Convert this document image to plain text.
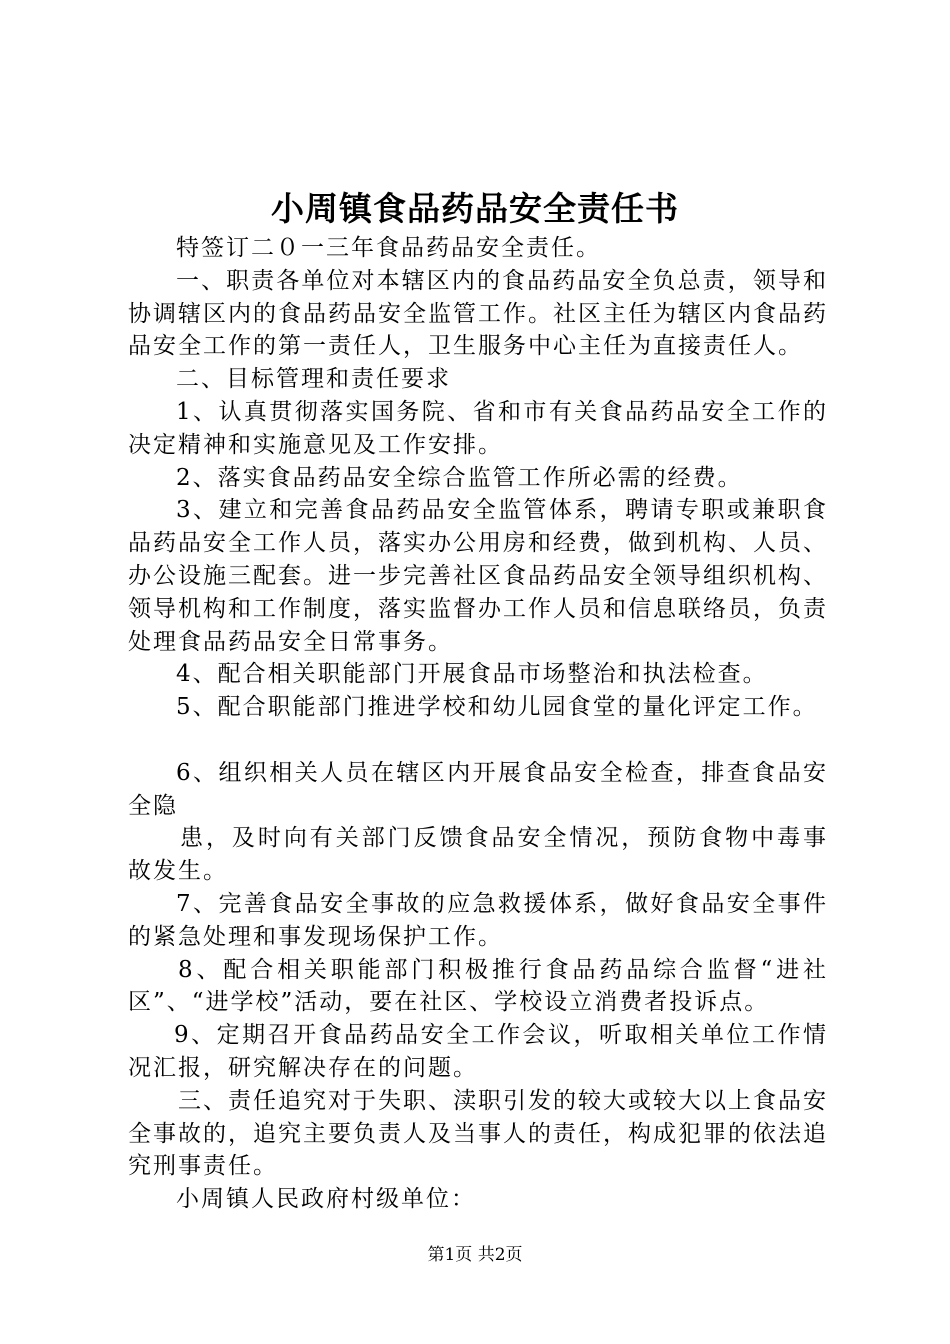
小周镇食品药品安全责任书

特签订二０一三年食品药品安全责任。

一、职责各单位对本辖区内的食品药品安全负总责，领导和协调辖区内的食品药品安全监管工作。社区主任为辖区内食品药品安全工作的第一责任人，卫生服务中心主任为直接责任人。

二、目标管理和责任要求

1、认真贯彻落实国务院、省和市有关食品药品安全工作的决定精神和实施意见及工作安排。

2、落实食品药品安全综合监管工作所必需的经费。

3、建立和完善食品药品安全监管体系，聘请专职或兼职食品药品安全工作人员，落实办公用房和经费，做到机构、人员、办公设施三配套。进一步完善社区食品药品安全领导组织机构、领导机构和工作制度，落实监督办工作人员和信息联络员，负责处理食品药品安全日常事务。

4、配合相关职能部门开展食品市场整治和执法检查。

5、配合职能部门推进学校和幼儿园食堂的量化评定工作。

6、组织相关人员在辖区内开展食品安全检查，排查食品安全隐

患，及时向有关部门反馈食品安全情况，预防食物中毒事故发生。

7、完善食品安全事故的应急救援体系，做好食品安全事件的紧急处理和事发现场保护工作。

8、配合相关职能部门积极推行食品药品综合监督“进社区”、“进学校”活动，要在社区、学校设立消费者投诉点。

9、定期召开食品药品安全工作会议，听取相关单位工作情况汇报，研究解决存在的问题。

三、责任追究对于失职、渎职引发的较大或较大以上食品安全事故的，追究主要负责人及当事人的责任，构成犯罪的依法追究刑事责任。

小周镇人民政府村级单位：

第1页 共2页
